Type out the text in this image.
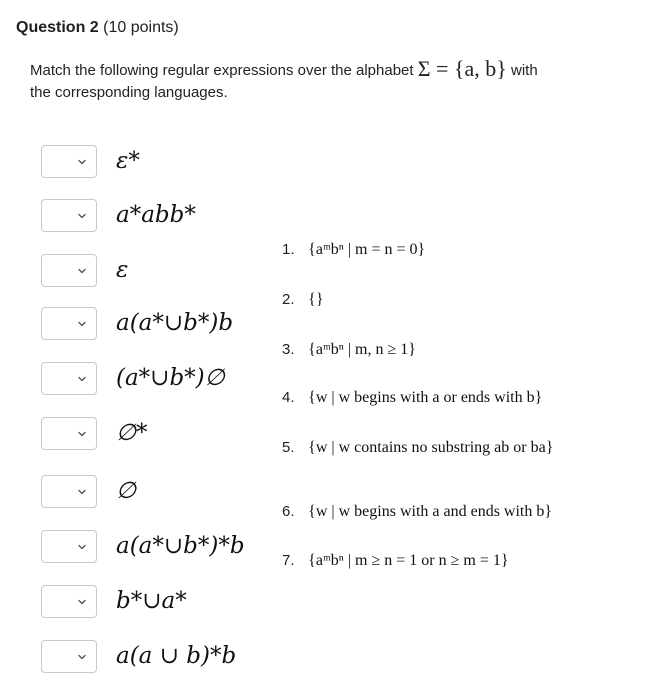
Question 2 (10 points)
Match the following regular expressions over the alphabet Σ = {a, b} with
the corresponding languages.
ε*
a*abb*
ε
a(a*∪b*)b
(a*∪b*)∅
∅*
∅
a(a*∪b*)*b
b*∪a*
a(a ∪ b)*b
1. {aᵐbⁿ | m = n = 0}
2. {}
3. {aᵐbⁿ | m, n ≥ 1}
4. {w | w begins with a or ends with b}
5. {w | w contains no substring ab or ba}
6. {w | w begins with a and ends with b}
7. {aᵐbⁿ | m ≥ n = 1 or n ≥ m = 1}
